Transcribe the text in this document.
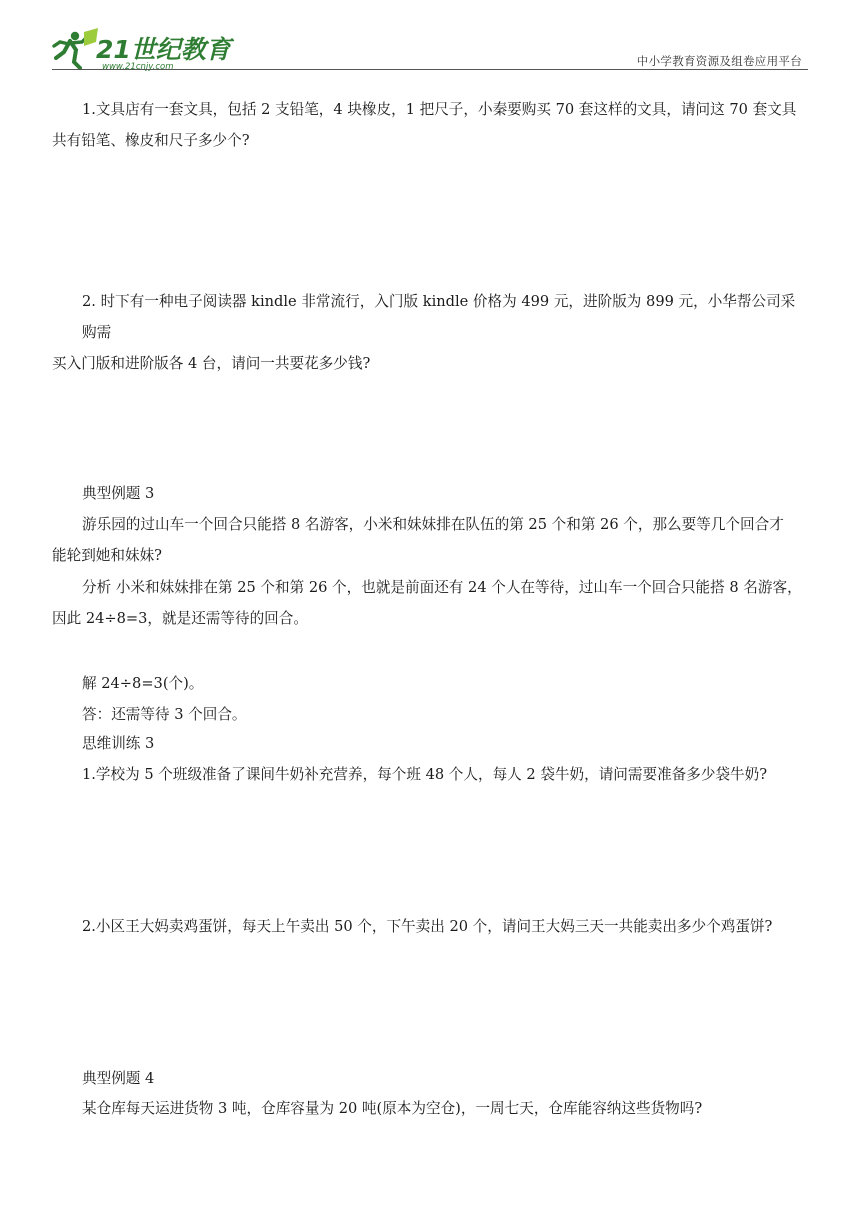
21世纪教育
www.21cnjy.com	中小学教育资源及组卷应用平台
1.文具店有一套文具，包括 2 支铅笔，4 块橡皮，1 把尺子，小秦要购买 70 套这样的文具，请问这 70 套文具
共有铅笔、橡皮和尺子多少个?
2. 时下有一种电子阅读器 kindle 非常流行，入门版 kindle 价格为 499 元，进阶版为 899 元，小华帮公司采购需
买入门版和进阶版各 4 台，请问一共要花多少钱?
典型例题 3
游乐园的过山车一个回合只能搭 8 名游客，小米和妹妹排在队伍的第 25 个和第 26 个，那么要等几个回合才
能轮到她和妹妹?
分析 小米和妹妹排在第 25 个和第 26 个，也就是前面还有 24 个人在等待，过山车一个回合只能搭 8 名游客，
因此 24÷8=3，就是还需等待的回合。
解 24÷8=3(个)。
答：还需等待 3 个回合。
思维训练 3
1.学校为 5 个班级准备了课间牛奶补充营养，每个班 48 个人，每人 2 袋牛奶，请问需要准备多少袋牛奶?
2.小区王大妈卖鸡蛋饼，每天上午卖出 50 个，下午卖出 20 个，请问王大妈三天一共能卖出多少个鸡蛋饼?
典型例题 4
某仓库每天运进货物 3 吨，仓库容量为 20 吨(原本为空仓)，一周七天，仓库能容纳这些货物吗?
